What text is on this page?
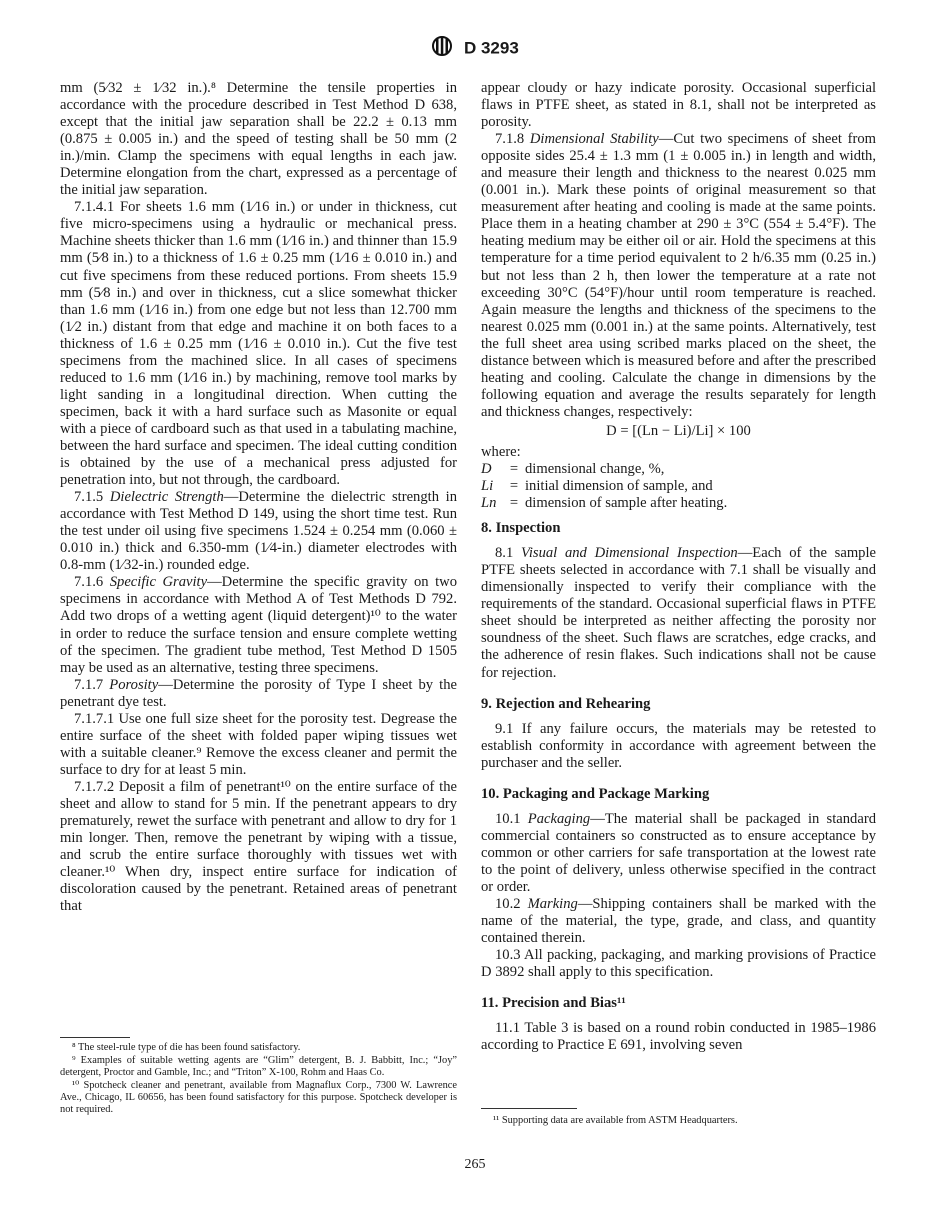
D 3293

mm (5⁄32 ± 1⁄32 in.).⁸ Determine the tensile properties in accordance with the procedure described in Test Method D 638, except that the initial jaw separation shall be 22.2 ± 0.13 mm (0.875 ± 0.005 in.) and the speed of testing shall be 50 mm (2 in.)/min. Clamp the specimens with equal lengths in each jaw. Determine elongation from the chart, expressed as a percentage of the initial jaw separation.

7.1.4.1 For sheets 1.6 mm (1⁄16 in.) or under in thickness, cut five micro-specimens using a hydraulic or mechanical press. Machine sheets thicker than 1.6 mm (1⁄16 in.) and thinner than 15.9 mm (5⁄8 in.) to a thickness of 1.6 ± 0.25 mm (1⁄16 ± 0.010 in.) and cut five specimens from these reduced portions. From sheets 15.9 mm (5⁄8 in.) and over in thickness, cut a slice somewhat thicker than 1.6 mm (1⁄16 in.) from one edge but not less than 12.700 mm (1⁄2 in.) distant from that edge and machine it on both faces to a thickness of 1.6 ± 0.25 mm (1⁄16 ± 0.010 in.). Cut the five test specimens from the machined slice. In all cases of specimens reduced to 1.6 mm (1⁄16 in.) by machining, remove tool marks by light sanding in a longitudinal direction. When cutting the specimen, back it with a hard surface such as Masonite or equal with a piece of cardboard such as that used in a tabulating machine, between the hard surface and specimen. The ideal cutting condition is obtained by the use of a mechanical press adjusted for penetration into, but not through, the cardboard.

7.1.5 Dielectric Strength—Determine the dielectric strength in accordance with Test Method D 149, using the short time test. Run the test under oil using five specimens 1.524 ± 0.254 mm (0.060 ± 0.010 in.) thick and 6.350-mm (1⁄4-in.) diameter electrodes with 0.8-mm (1⁄32-in.) rounded edge.

7.1.6 Specific Gravity—Determine the specific gravity on two specimens in accordance with Method A of Test Methods D 792. Add two drops of a wetting agent (liquid detergent)¹⁰ to the water in order to reduce the surface tension and ensure complete wetting of the specimen. The gradient tube method, Test Method D 1505 may be used as an alternative, testing three specimens.

7.1.7 Porosity—Determine the porosity of Type I sheet by the penetrant dye test.

7.1.7.1 Use one full size sheet for the porosity test. Degrease the entire surface of the sheet with folded paper wiping tissues wet with a suitable cleaner.⁹ Remove the excess cleaner and permit the surface to dry for at least 5 min.

7.1.7.2 Deposit a film of penetrant¹⁰ on the entire surface of the sheet and allow to stand for 5 min. If the penetrant appears to dry prematurely, rewet the surface with penetrant and allow to dry for 1 min longer. Then, remove the penetrant by wiping with a tissue, and scrub the entire surface thoroughly with tissues wet with cleaner.¹⁰ When dry, inspect entire surface for indication of discoloration caused by the penetrant. Retained areas of penetrant that

appear cloudy or hazy indicate porosity. Occasional superficial flaws in PTFE sheet, as stated in 8.1, shall not be interpreted as porosity.

7.1.8 Dimensional Stability—Cut two specimens of sheet from opposite sides 25.4 ± 1.3 mm (1 ± 0.005 in.) in length and width, and measure their length and thickness to the nearest 0.025 mm (0.001 in.). Mark these points of original measurement so that measurement after heating and cooling is made at the same points. Place them in a heating chamber at 290 ± 3°C (554 ± 5.4°F). The heating medium may be either oil or air. Hold the specimens at this temperature for a time period equivalent to 2 h/6.35 mm (0.25 in.) but not less than 2 h, then lower the temperature at a rate not exceeding 30°C (54°F)/hour until room temperature is reached. Again measure the lengths and thickness of the specimens to the nearest 0.025 mm (0.001 in.) at the same points. Alternatively, test the full sheet area using scribed marks placed on the sheet, the distance between which is measured before and after the prescribed heating and cooling. Calculate the change in dimensions by the following equation and average the results separately for length and thickness changes, respectively:

D = [(Ln − Li)/Li] × 100

where:

D	= dimensional change, %,
Li	= initial dimension of sample, and
Ln = dimension of sample after heating.
8. Inspection

8.1 Visual and Dimensional Inspection—Each of the sample PTFE sheets selected in accordance with 7.1 shall be visually and dimensionally inspected to verify their compliance with the requirements of the standard. Occasional superficial flaws in PTFE sheet should be interpreted as neither affecting the porosity nor soundness of the sheet. Such flaws are scratches, edge cracks, and the adherence of resin flakes. Such indications shall not be cause for rejection.

9. Rejection and Rehearing

9.1 If any failure occurs, the materials may be retested to establish conformity in accordance with agreement between the purchaser and the seller.

10. Packaging and Package Marking

10.1 Packaging—The material shall be packaged in standard commercial containers so constructed as to ensure acceptance by common or other carriers for safe transportation at the lowest rate to the point of delivery, unless otherwise specified in the contract or order.

10.2 Marking—Shipping containers shall be marked with the name of the material, the type, grade, and class, and quantity contained therein.

10.3 All packing, packaging, and marking provisions of Practice D 3892 shall apply to this specification.

11. Precision and Bias¹¹

11.1 Table 3 is based on a round robin conducted in 1985–1986 according to Practice E 691, involving seven

⁸ The steel-rule type of die has been found satisfactory.

⁹ Examples of suitable wetting agents are “Glim” detergent, B. J. Babbitt, Inc.; “Joy” detergent, Proctor and Gamble, Inc.; and “Triton” X-100, Rohm and Haas Co.

¹⁰ Spotcheck cleaner and penetrant, available from Magnaflux Corp., 7300 W. Lawrence Ave., Chicago, IL 60656, has been found satisfactory for this purpose. Spotcheck developer is not required.

¹¹ Supporting data are available from ASTM Headquarters.

265
